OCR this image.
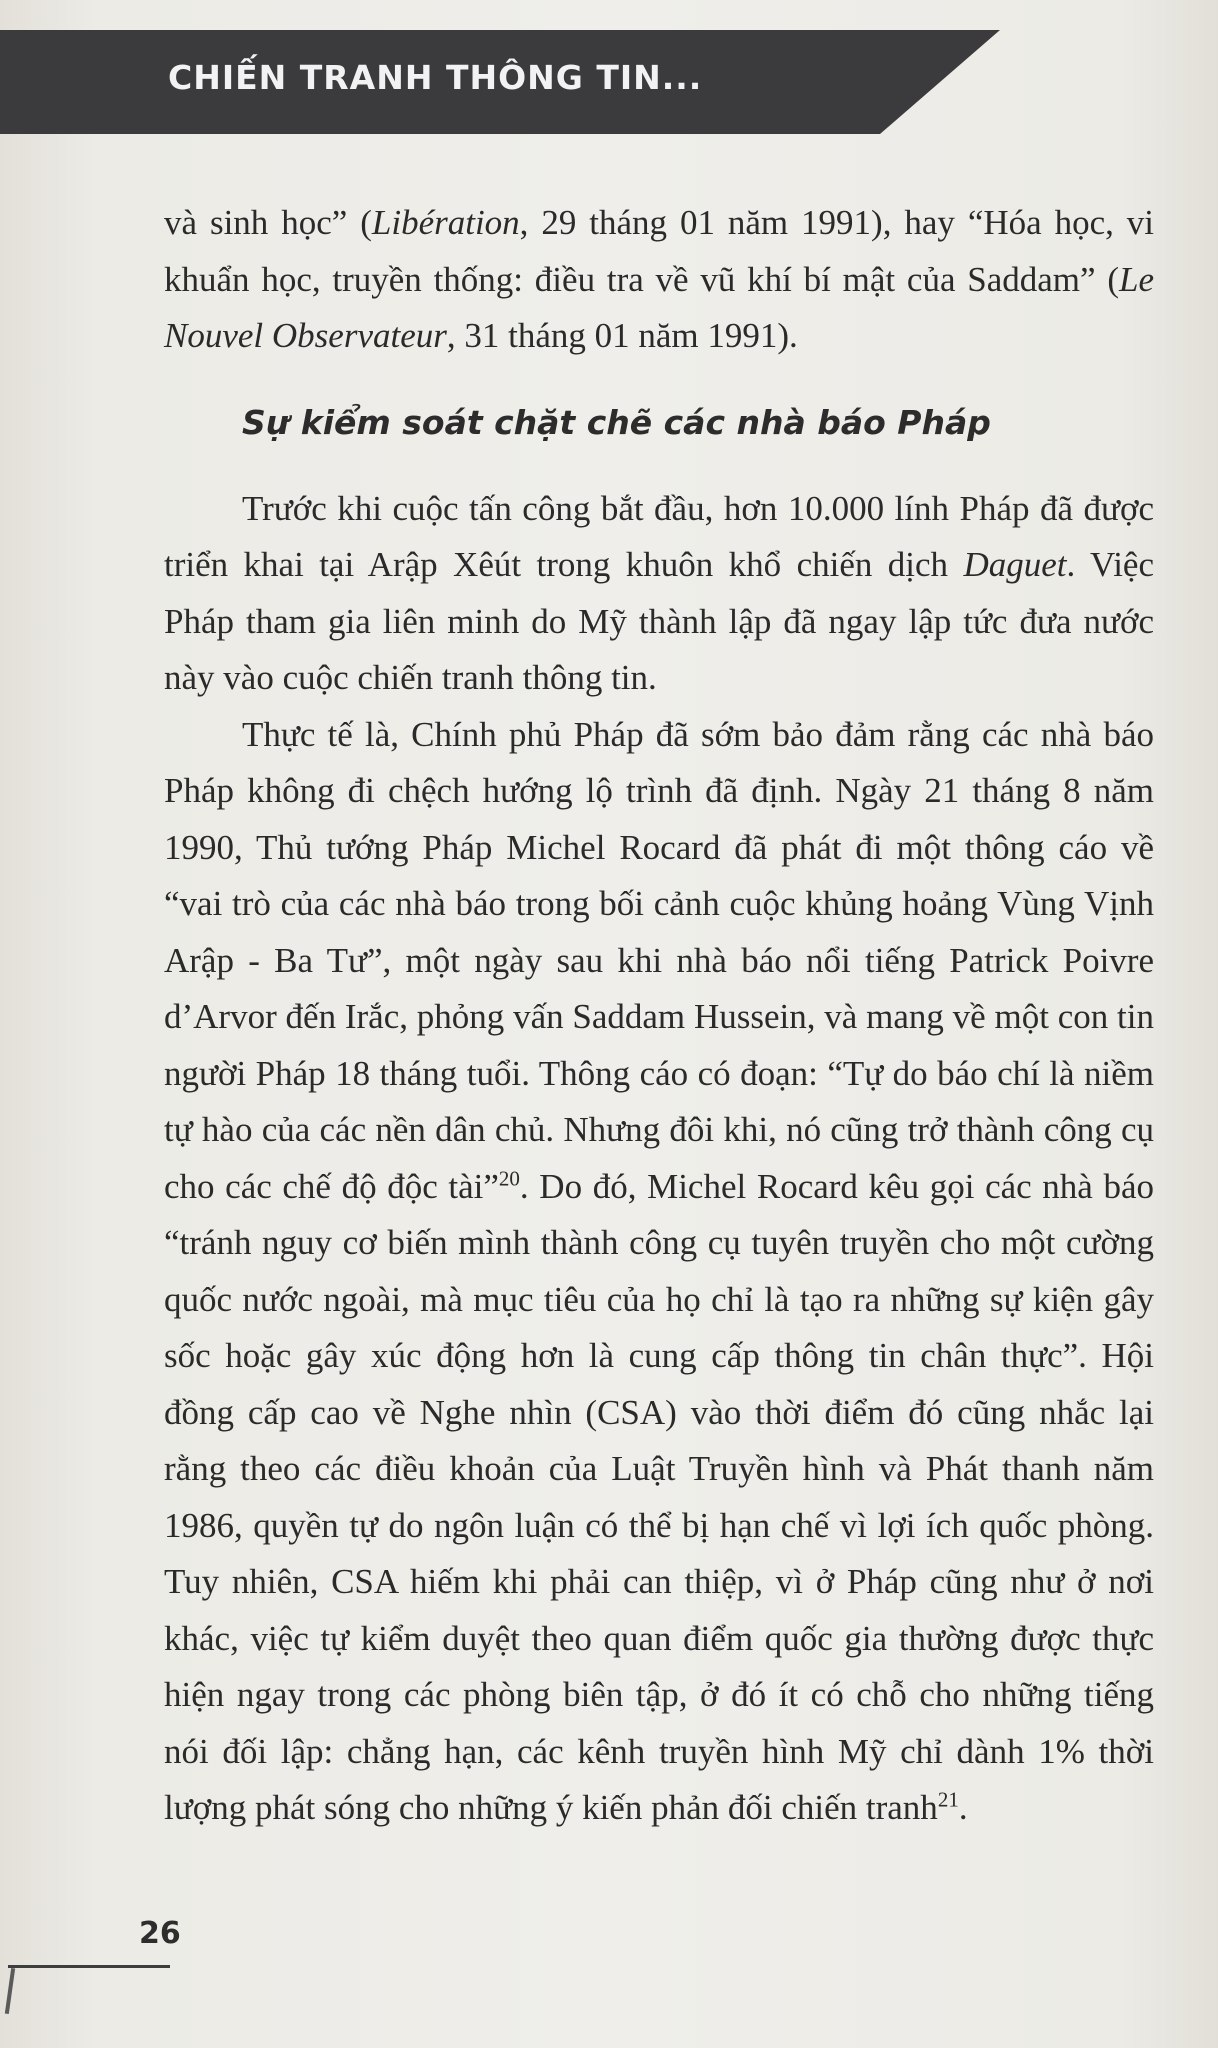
CHIẾN TRANH THÔNG TIN...

và sinh học” (Libération, 29 tháng 01 năm 1991), hay “Hóa học, vi khuẩn học, truyền thống: điều tra về vũ khí bí mật của Saddam” (Le Nouvel Observateur, 31 tháng 01 năm 1991).

Sự kiểm soát chặt chẽ các nhà báo Pháp

Trước khi cuộc tấn công bắt đầu, hơn 10.000 lính Pháp đã được triển khai tại Arập Xêút trong khuôn khổ chiến dịch Daguet. Việc Pháp tham gia liên minh do Mỹ thành lập đã ngay lập tức đưa nước này vào cuộc chiến tranh thông tin.

Thực tế là, Chính phủ Pháp đã sớm bảo đảm rằng các nhà báo Pháp không đi chệch hướng lộ trình đã định. Ngày 21 tháng 8 năm 1990, Thủ tướng Pháp Michel Rocard đã phát đi một thông cáo về “vai trò của các nhà báo trong bối cảnh cuộc khủng hoảng Vùng Vịnh Arập - Ba Tư”, một ngày sau khi nhà báo nổi tiếng Patrick Poivre d’Arvor đến Irắc, phỏng vấn Saddam Hussein, và mang về một con tin người Pháp 18 tháng tuổi. Thông cáo có đoạn: “Tự do báo chí là niềm tự hào của các nền dân chủ. Nhưng đôi khi, nó cũng trở thành công cụ cho các chế độ độc tài”$^{20}$. Do đó, Michel Rocard kêu gọi các nhà báo “tránh nguy cơ biến mình thành công cụ tuyên truyền cho một cường quốc nước ngoài, mà mục tiêu của họ chỉ là tạo ra những sự kiện gây sốc hoặc gây xúc động hơn là cung cấp thông tin chân thực”. Hội đồng cấp cao về Nghe nhìn (CSA) vào thời điểm đó cũng nhắc lại rằng theo các điều khoản của Luật Truyền hình và Phát thanh năm 1986, quyền tự do ngôn luận có thể bị hạn chế vì lợi ích quốc phòng. Tuy nhiên, CSA hiếm khi phải can thiệp, vì ở Pháp cũng như ở nơi khác, việc tự kiểm duyệt theo quan điểm quốc gia thường được thực hiện ngay trong các phòng biên tập, ở đó ít có chỗ cho những tiếng nói đối lập: chẳng hạn, các kênh truyền hình Mỹ chỉ dành 1% thời lượng phát sóng cho những ý kiến phản đối chiến tranh$^{21}$.

26
